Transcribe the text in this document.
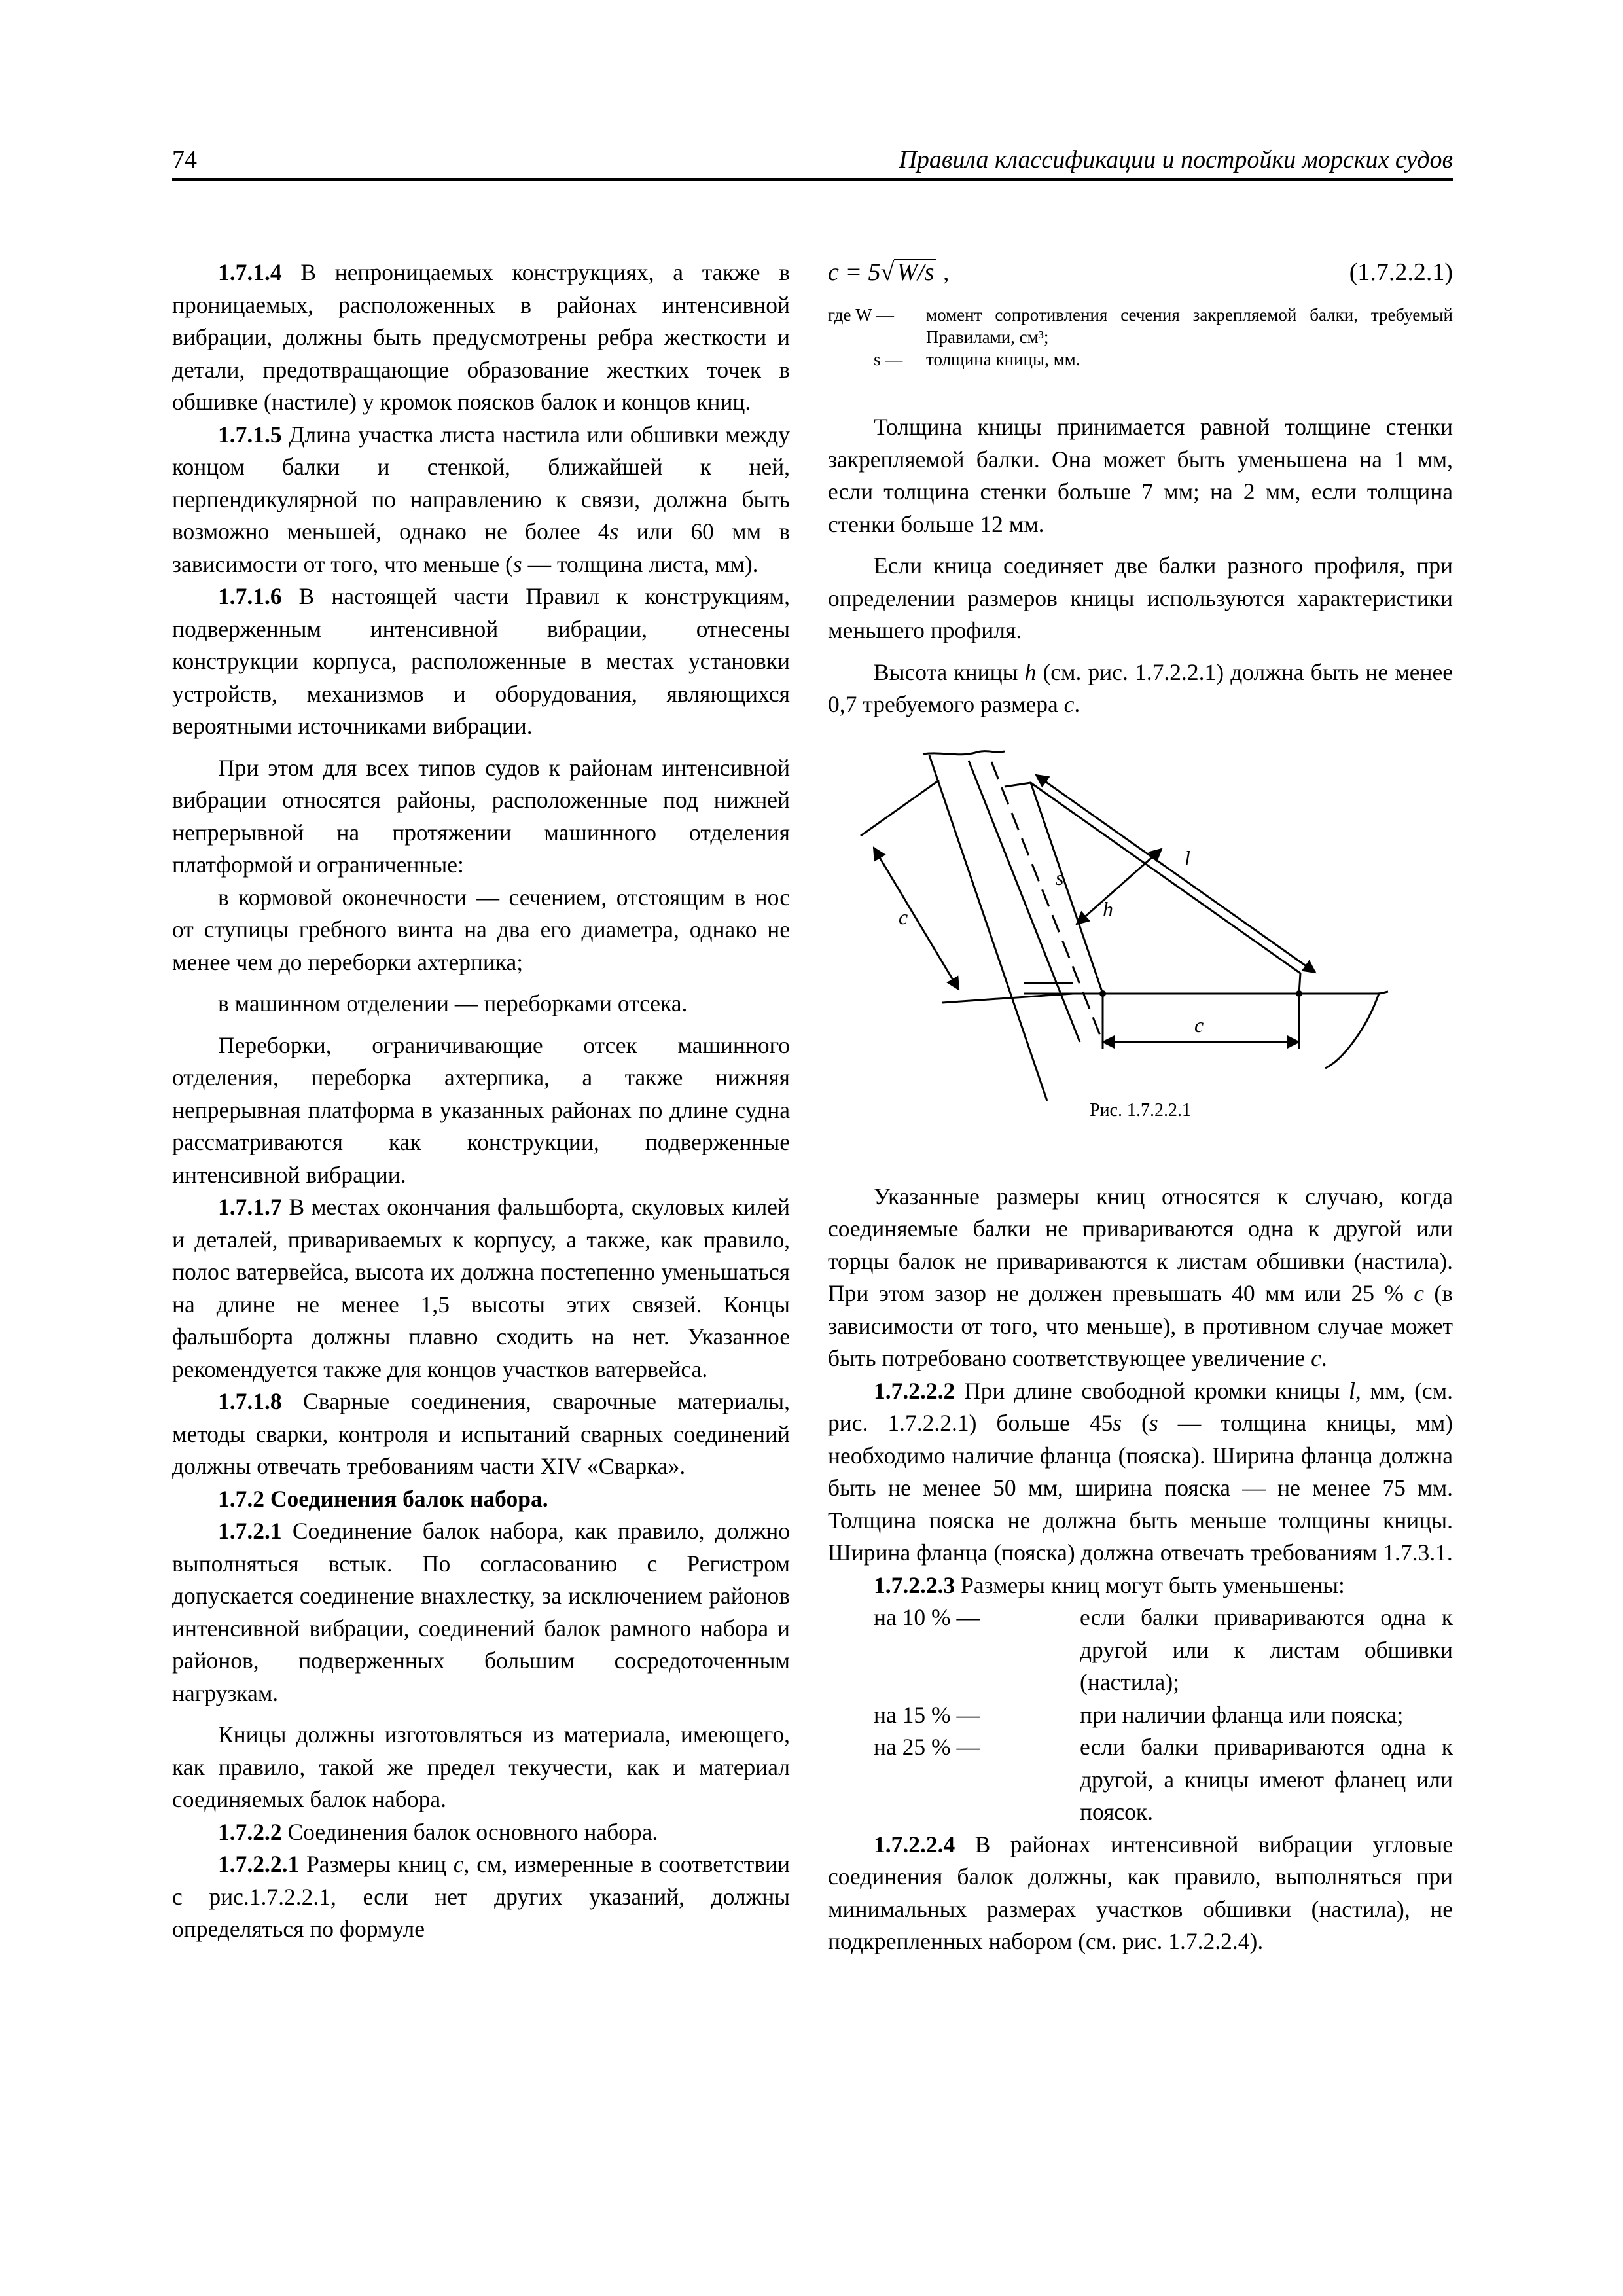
74	Правила классификации и постройки морских судов

1.7.1.4 В непроницаемых конструкциях, а также в проницаемых, расположенных в районах интенсивной вибрации, должны быть предусмотрены ребра жесткости и детали, предотвращающие образование жестких точек в обшивке (настиле) у кромок поясков балок и концов книц.

1.7.1.5 Длина участка листа настила или обшивки между концом балки и стенкой, ближайшей к ней, перпендикулярной по направлению к связи, должна быть возможно меньшей, однако не более 4s или 60 мм в зависимости от того, что меньше (s — толщина листа, мм).

1.7.1.6 В настоящей части Правил к конструкциям, подверженным интенсивной вибрации, отнесены конструкции корпуса, расположенные в местах установки устройств, механизмов и оборудования, являющихся вероятными источниками вибрации.

При этом для всех типов судов к районам интенсивной вибрации относятся районы, расположенные под нижней непрерывной на протяжении машинного отделения платформой и ограниченные:

в кормовой оконечности — сечением, отстоящим в нос от ступицы гребного винта на два его диаметра, однако не менее чем до переборки ахтерпика;

в машинном отделении — переборками отсека.

Переборки, ограничивающие отсек машинного отделения, переборка ахтерпика, а также нижняя непрерывная платформа в указанных районах по длине судна рассматриваются как конструкции, подверженные интенсивной вибрации.

1.7.1.7 В местах окончания фальшборта, скуловых килей и деталей, привариваемых к корпусу, а также, как правило, полос ватервейса, высота их должна постепенно уменьшаться на длине не менее 1,5 высоты этих связей. Концы фальшборта должны плавно сходить на нет. Указанное рекомендуется также для концов участков ватервейса.

1.7.1.8 Сварные соединения, сварочные материалы, методы сварки, контроля и испытаний сварных соединений должны отвечать требованиям части XIV «Сварка».

1.7.2 Соединения балок набора.

1.7.2.1 Соединение балок набора, как правило, должно выполняться встык. По согласованию с Регистром допускается соединение внахлестку, за исключением районов интенсивной вибрации, соединений балок рамного набора и районов, подверженных большим сосредоточенным нагрузкам.

Кницы должны изготовляться из материала, имеющего, как правило, такой же предел текучести, как и материал соединяемых балок набора.

1.7.2.2 Соединения балок основного набора.

1.7.2.2.1 Размеры книц c, см, измеренные в соответствии с рис.1.7.2.2.1, если нет других указаний, должны определяться по формуле

c = 5√ W/s ,	(1.7.2.2.1)
где W — момент сопротивления сечения закрепляемой балки, требуемый Правилами, см³;
s — толщина кницы, мм.

Толщина кницы принимается равной толщине стенки закрепляемой балки. Она может быть уменьшена на 1 мм, если толщина стенки больше 7 мм; на 2 мм, если толщина стенки больше 12 мм.

Если кница соединяет две балки разного профиля, при определении размеров кницы используются характеристики меньшего профиля.

Высота кницы h (см. рис. 1.7.2.2.1) должна быть не менее 0,7 требуемого размера c.

l
s
h
c
c
Рис. 1.7.2.2.1

Указанные размеры книц относятся к случаю, когда соединяемые балки не привариваются одна к другой или торцы балок не привариваются к листам обшивки (настила). При этом зазор не должен превышать 40 мм или 25 % c (в зависимости от того, что меньше), в противном случае может быть потребовано соответствующее увеличение c.

1.7.2.2.2 При длине свободной кромки кницы l, мм, (см. рис. 1.7.2.2.1) больше 45s (s — толщина кницы, мм) необходимо наличие фланца (пояска). Ширина фланца должна быть не менее 50 мм, ширина пояска — не менее 75 мм. Толщина пояска не должна быть меньше толщины кницы. Ширина фланца (пояска) должна отвечать требованиям 1.7.3.1.

1.7.2.2.3 Размеры книц могут быть уменьшены:

на 10 % —	если балки привариваются одна к другой или к листам обшивки (настила);
на 15 % —	при наличии фланца или пояска;
на 25 % —	если балки привариваются одна к другой, а кницы имеют фланец или поясок.

1.7.2.2.4 В районах интенсивной вибрации угловые соединения балок должны, как правило, выполняться при минимальных размерах участков обшивки (настила), не подкрепленных набором (см. рис. 1.7.2.2.4).
